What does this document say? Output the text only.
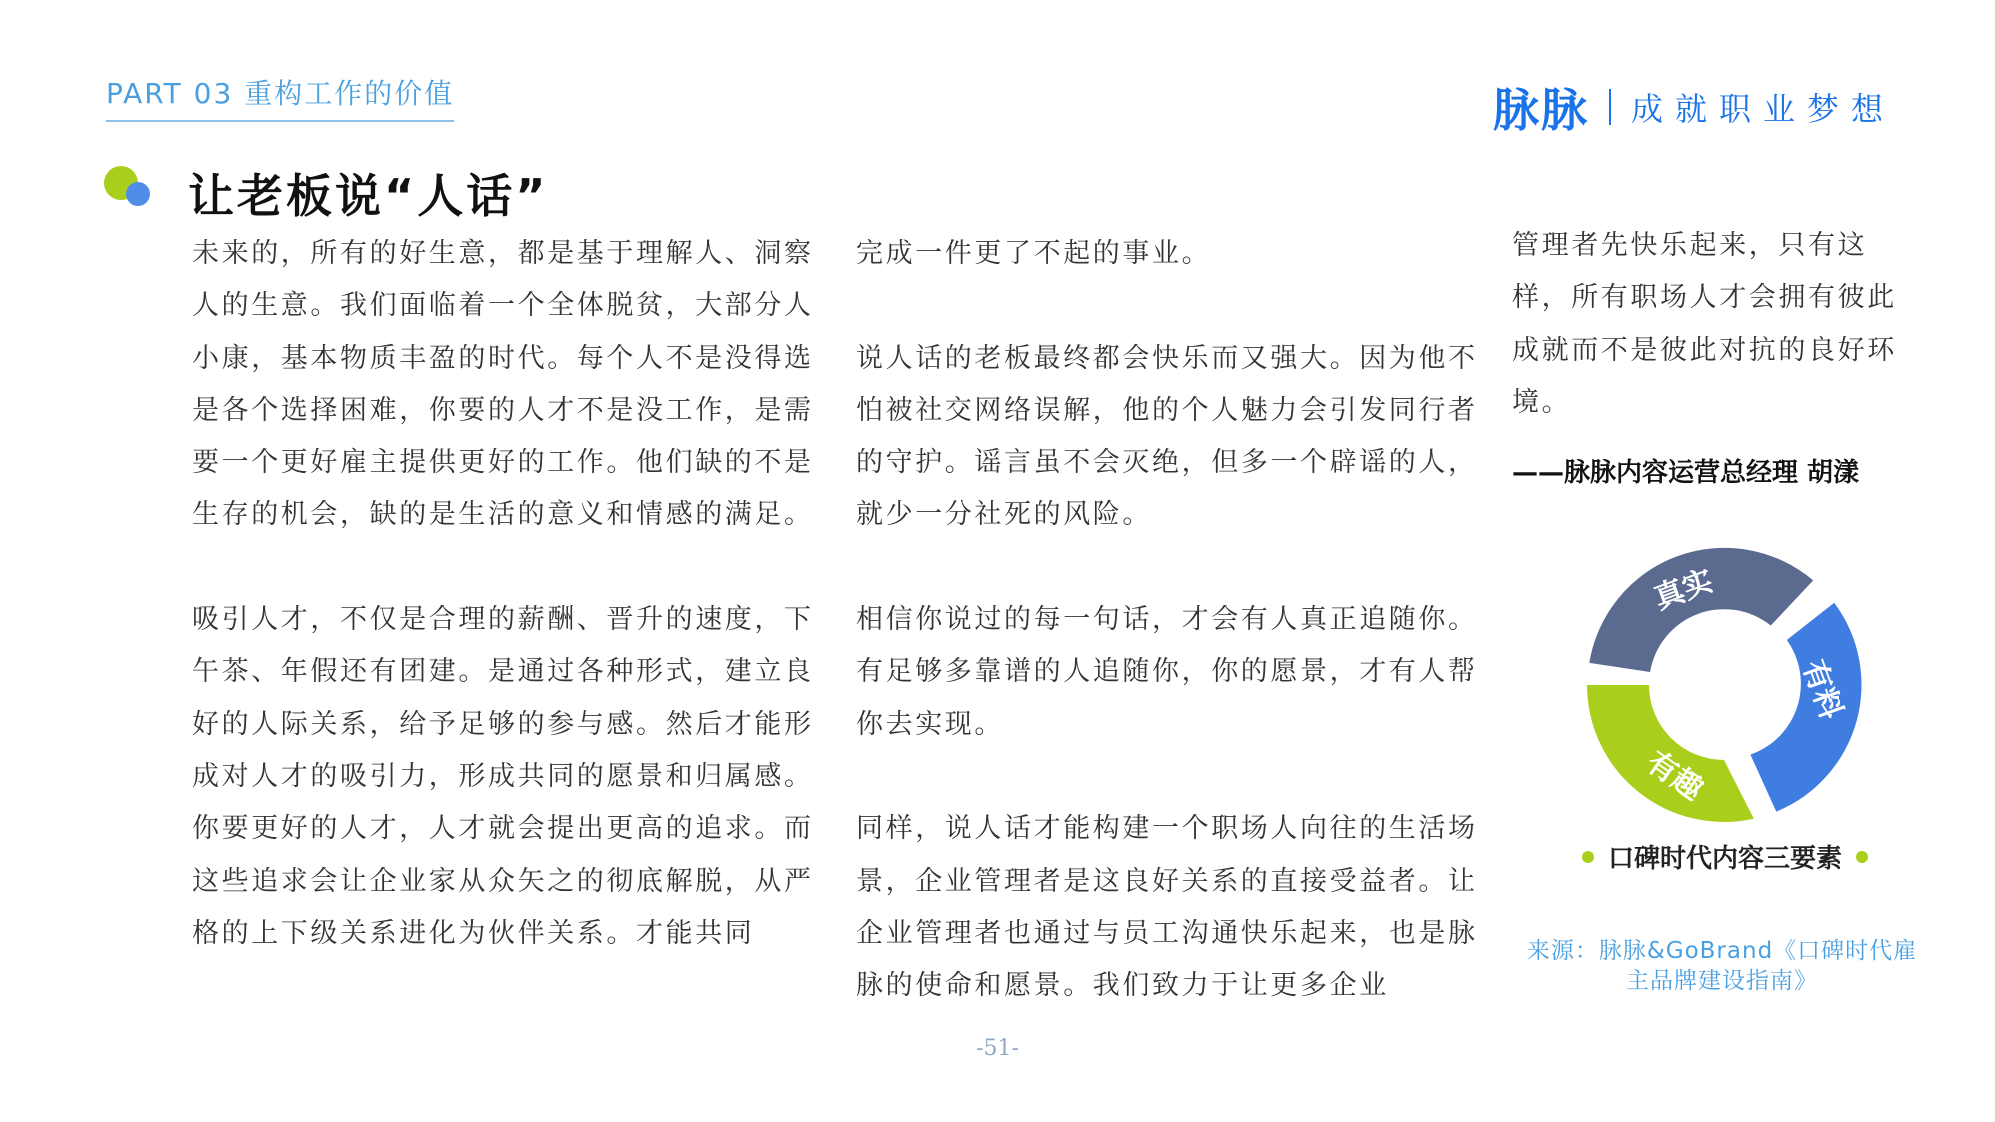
PART 03 重构工作的价值	脉脉 成就职业梦想
让老板说“人话”

未来的，所有的好生意，都是基于理解人、洞察人的生意。我们面临着一个全体脱贫，大部分人小康，基本物质丰盈的时代。每个人不是没得选是各个选择困难，你要的人才不是没工作，是需要一个更好雇主提供更好的工作。他们缺的不是生存的机会，缺的是生活的意义和情感的满足。

吸引人才，不仅是合理的薪酬、晋升的速度，下午茶、年假还有团建。是通过各种形式，建立良好的人际关系，给予足够的参与感。然后才能形成对人才的吸引力，形成共同的愿景和归属感。你要更好的人才，人才就会提出更高的追求。而这些追求会让企业家从众矢之的彻底解脱，从严格的上下级关系进化为伙伴关系。才能共同

完成一件更了不起的事业。

说人话的老板最终都会快乐而又强大。因为他不怕被社交网络误解，他的个人魅力会引发同行者的守护。谣言虽不会灭绝，但多一个辟谣的人，就少一分社死的风险。

相信你说过的每一句话，才会有人真正追随你。有足够多靠谱的人追随你，你的愿景，才有人帮你去实现。

同样，说人话才能构建一个职场人向往的生活场景，企业管理者是这良好关系的直接受益者。让企业管理者也通过与员工沟通快乐起来，也是脉脉的使命和愿景。我们致力于让更多企业

管理者先快乐起来，只有这样，所有职场人才会拥有彼此成就而不是彼此对抗的良好环境。

——脉脉内容运营总经理 胡漾
真实
有料
有趣
口碑时代内容三要素
来源：脉脉&GoBrand《口碑时代雇
主品牌建设指南》
-51-
